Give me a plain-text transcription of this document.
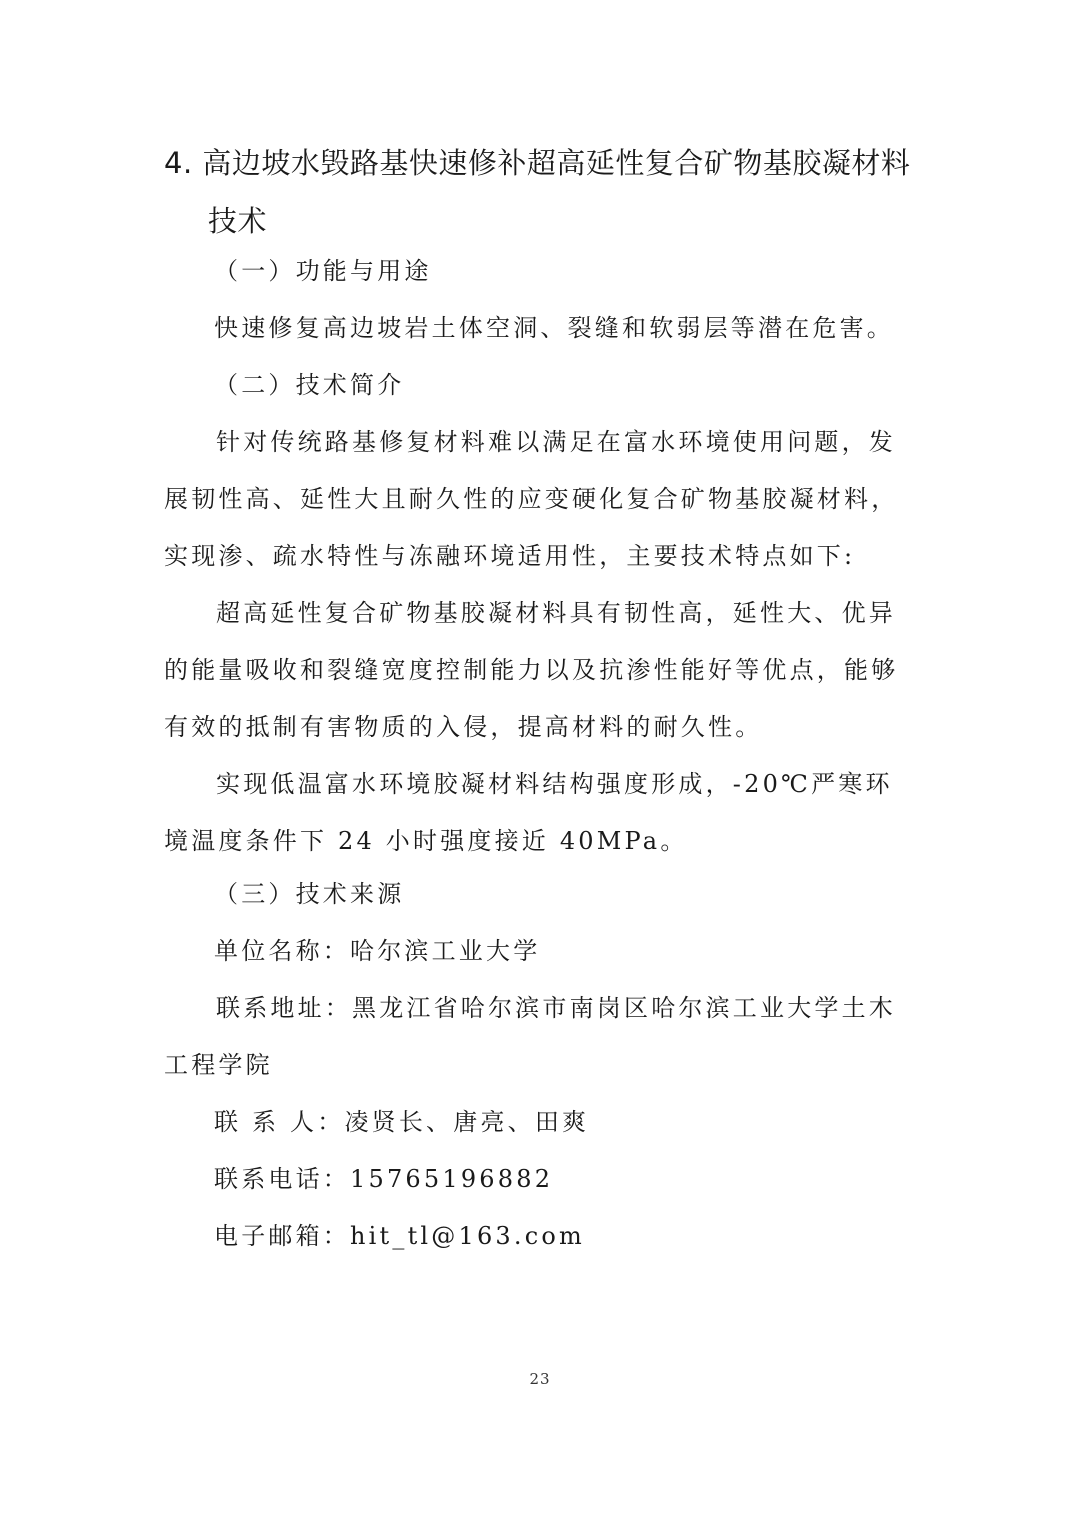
4. 高边坡水毁路基快速修补超高延性复合矿物基胶凝材料
技术

（一）功能与用途

快速修复高边坡岩土体空洞、裂缝和软弱层等潜在危害。

（二）技术简介

针对传统路基修复材料难以满足在富水环境使用问题，发展韧性高、延性大且耐久性的应变硬化复合矿物基胶凝材料，实现渗、疏水特性与冻融环境适用性，主要技术特点如下:

超高延性复合矿物基胶凝材料具有韧性高，延性大、优异的能量吸收和裂缝宽度控制能力以及抗渗性能好等优点，能够有效的抵制有害物质的入侵，提高材料的耐久性。

实现低温富水环境胶凝材料结构强度形成，-20℃严寒环境温度条件下 24 小时强度接近 40MPa。

（三）技术来源

单位名称：哈尔滨工业大学

联系地址：黑龙江省哈尔滨市南岗区哈尔滨工业大学土木工程学院

联 系 人：凌贤长、唐亮、田爽

联系电话：15765196882

电子邮箱：hit_tl@163.com

23
